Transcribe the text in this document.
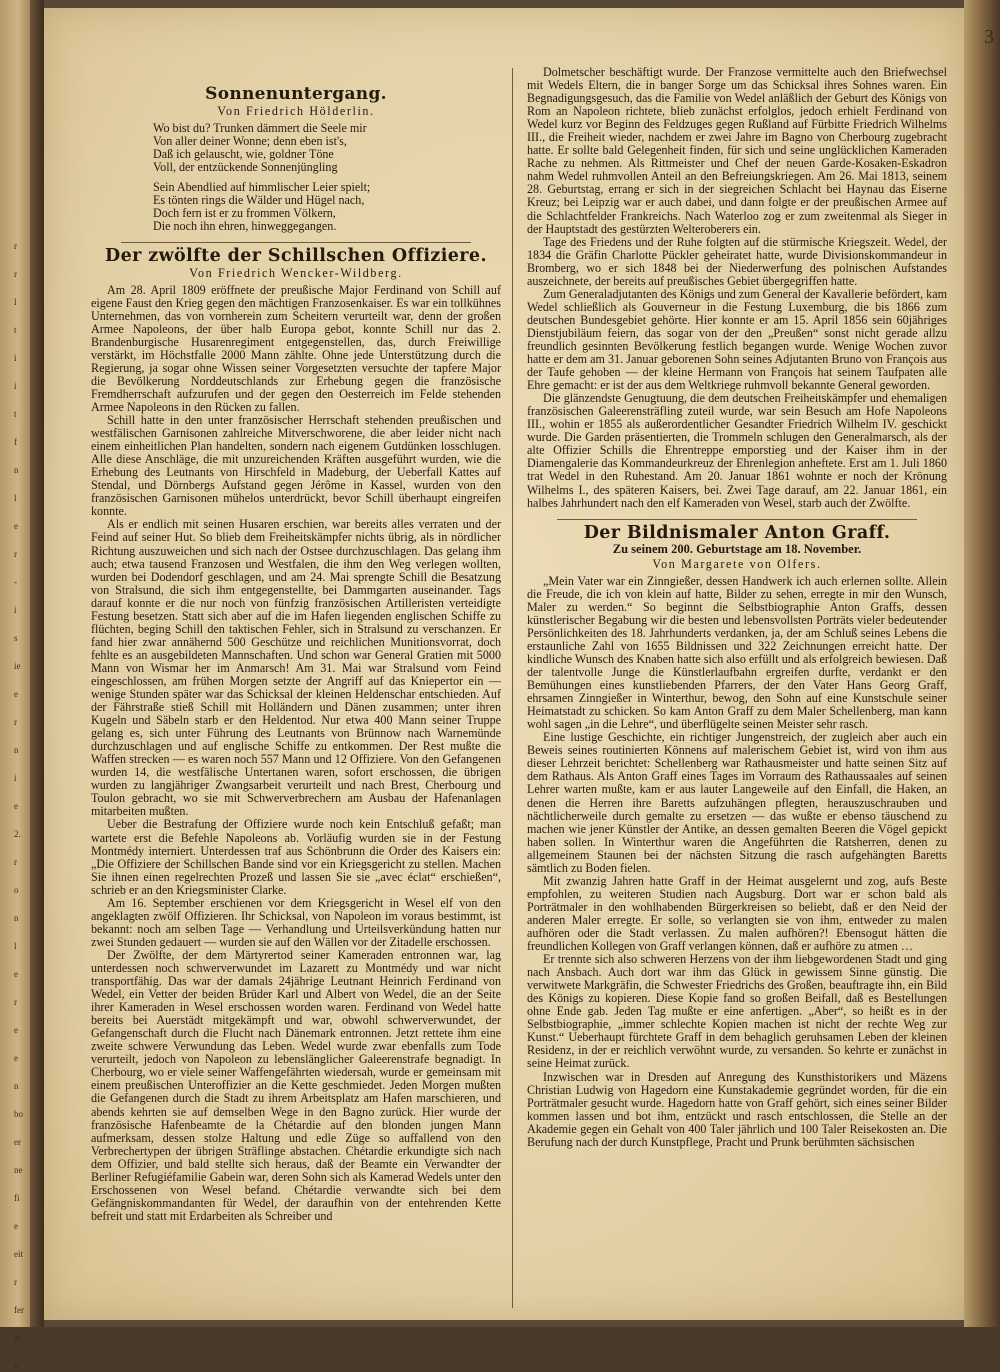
r
r
l
t
i
i
t
f
n
l
e
r
-
i
s
ie
e
r
n
i
e
2.
r
o
n
l
e
r
e
e
n
bo
er
ne
fi
e
eit
r
fer
m
k.
Sonnenuntergang.
Von Friedrich Hölderlin.
Wo bist du? Trunken dämmert die Seele mir
Von aller deiner Wonne; denn eben ist's,
Daß ich gelauscht, wie, goldner Töne
Voll, der entzückende Sonnenjüngling
Sein Abendlied auf himmlischer Leier spielt;
Es tönten rings die Wälder und Hügel nach,
Doch fern ist er zu frommen Völkern,
Die noch ihn ehren, hinweggegangen.
Der zwölfte der Schillschen Offiziere.
Von Friedrich Wencker-Wildberg.

Am 28. April 1809 eröffnete der preußische Major Ferdinand von Schill auf eigene Faust den Krieg gegen den mächtigen Franzosenkaiser. Es war ein tollkühnes Unternehmen, das von vornherein zum Scheitern verurteilt war, denn der großen Armee Napoleons, der über halb Europa gebot, konnte Schill nur das 2. Brandenburgische Husarenregiment entgegenstellen, das, durch Freiwillige verstärkt, im Höchstfalle 2000 Mann zählte. Ohne jede Unterstützung durch die Regierung, ja sogar ohne Wissen seiner Vorgesetzten versuchte der tapfere Major die Bevölkerung Norddeutschlands zur Erhebung gegen die französische Fremdherrschaft aufzurufen und der gegen den Oesterreich im Felde stehenden Armee Napoleons in den Rücken zu fallen.

Schill hatte in den unter französischer Herrschaft stehenden preußischen und westfälischen Garnisonen zahlreiche Mitverschworene, die aber leider nicht nach einem einheitlichen Plan handelten, sondern nach eigenem Gutdünken losschlugen. Alle diese Anschläge, die mit unzureichenden Kräften ausgeführt wurden, wie die Erhebung des Leutnants von Hirschfeld in Madeburg, der Ueberfall Kattes auf Stendal, und Dörnbergs Aufstand gegen Jérôme in Kassel, wurden von den französischen Garnisonen mühelos unterdrückt, bevor Schill überhaupt eingreifen konnte.

Als er endlich mit seinen Husaren erschien, war bereits alles verraten und der Feind auf seiner Hut. So blieb dem Freiheitskämpfer nichts übrig, als in nördlicher Richtung auszuweichen und sich nach der Ostsee durchzuschlagen. Das gelang ihm auch; etwa tausend Franzosen und Westfalen, die ihm den Weg verlegen wollten, wurden bei Dodendorf geschlagen, und am 24. Mai sprengte Schill die Besatzung von Stralsund, die sich ihm entgegenstellte, bei Dammgarten auseinander. Tags darauf konnte er die nur noch von fünfzig französischen Artilleristen verteidigte Festung besetzen. Statt sich aber auf die im Hafen liegenden englischen Schiffe zu flüchten, beging Schill den taktischen Fehler, sich in Stralsund zu verschanzen. Er fand hier zwar annähernd 500 Geschütze und reichlichen Munitionsvorrat, doch fehlte es an ausgebildeten Mannschaften. Und schon war General Gratien mit 5000 Mann von Wismar her im Anmarsch! Am 31. Mai war Stralsund vom Feind eingeschlossen, am frühen Morgen setzte der Angriff auf das Kniepertor ein — wenige Stunden später war das Schicksal der kleinen Heldenschar entschieden. Auf der Fährstraße stieß Schill mit Holländern und Dänen zusammen; unter ihren Kugeln und Säbeln starb er den Heldentod. Nur etwa 400 Mann seiner Truppe gelang es, sich unter Führung des Leutnants von Brünnow nach Warnemünde durchzuschlagen und auf englische Schiffe zu entkommen. Der Rest mußte die Waffen strecken — es waren noch 557 Mann und 12 Offiziere. Von den Gefangenen wurden 14, die westfälische Untertanen waren, sofort erschossen, die übrigen wurden zu langjähriger Zwangsarbeit verurteilt und nach Brest, Cherbourg und Toulon gebracht, wo sie mit Schwerverbrechern am Ausbau der Hafenanlagen mitarbeiten mußten.

Ueber die Bestrafung der Offiziere wurde noch kein Entschluß gefaßt; man wartete erst die Befehle Napoleons ab. Vorläufig wurden sie in der Festung Montmédy interniert. Unterdessen traf aus Schönbrunn die Order des Kaisers ein: „Die Offiziere der Schillschen Bande sind vor ein Kriegsgericht zu stellen. Machen Sie ihnen einen regelrechten Prozeß und lassen Sie sie „avec éclat“ erschießen“, schrieb er an den Kriegsminister Clarke.

Am 16. September erschienen vor dem Kriegsgericht in Wesel elf von den angeklagten zwölf Offizieren. Ihr Schicksal, von Napoleon im voraus bestimmt, ist bekannt: noch am selben Tage — Verhandlung und Urteilsverkündung hatten nur zwei Stunden gedauert — wurden sie auf den Wällen vor der Zitadelle erschossen.

Der Zwölfte, der dem Märtyrertod seiner Kameraden entronnen war, lag unterdessen noch schwerverwundet im Lazarett zu Montmédy und war nicht transportfähig. Das war der damals 24jährige Leutnant Heinrich Ferdinand von Wedel, ein Vetter der beiden Brüder Karl und Albert von Wedel, die an der Seite ihrer Kameraden in Wesel erschossen worden waren. Ferdinand von Wedel hatte bereits bei Auerstädt mitgekämpft und war, obwohl schwerverwundet, der Gefangenschaft durch die Flucht nach Dänemark entronnen. Jetzt rettete ihm eine zweite schwere Verwundung das Leben. Wedel wurde zwar ebenfalls zum Tode verurteilt, jedoch von Napoleon zu lebenslänglicher Galeerenstrafe begnadigt. In Cherbourg, wo er viele seiner Waffengefährten wiedersah, wurde er gemeinsam mit einem preußischen Unteroffizier an die Kette geschmiedet. Jeden Morgen mußten die Gefangenen durch die Stadt zu ihrem Arbeitsplatz am Hafen marschieren, und abends kehrten sie auf demselben Wege in den Bagno zurück. Hier wurde der französische Hafenbeamte de la Chétardie auf den blonden jungen Mann aufmerksam, dessen stolze Haltung und edle Züge so auffallend von den Verbrechertypen der übrigen Sträflinge abstachen. Chétardie erkundigte sich nach dem Offizier, und bald stellte sich heraus, daß der Beamte ein Verwandter der Berliner Refugiéfamilie Gabein war, deren Sohn sich als Kamerad Wedels unter den Erschossenen von Wesel befand. Chétardie verwandte sich bei dem Gefängniskommandanten für Wedel, der daraufhin von der entehrenden Kette befreit und statt mit Erdarbeiten als Schreiber und

Dolmetscher beschäftigt wurde. Der Franzose vermittelte auch den Briefwechsel mit Wedels Eltern, die in banger Sorge um das Schicksal ihres Sohnes waren. Ein Begnadigungsgesuch, das die Familie von Wedel anläßlich der Geburt des Königs von Rom an Napoleon richtete, blieb zunächst erfolglos, jedoch erhielt Ferdinand von Wedel kurz vor Beginn des Feldzuges gegen Rußland auf Fürbitte Friedrich Wilhelms III., die Freiheit wieder, nachdem er zwei Jahre im Bagno von Cherbourg zugebracht hatte. Er sollte bald Gelegenheit finden, für sich und seine unglücklichen Kameraden Rache zu nehmen. Als Rittmeister und Chef der neuen Garde-Kosaken-Eskadron nahm Wedel ruhmvollen Anteil an den Befreiungskriegen. Am 26. Mai 1813, seinem 28. Geburtstag, errang er sich in der siegreichen Schlacht bei Haynau das Eiserne Kreuz; bei Leipzig war er auch dabei, und dann folgte er der preußischen Armee auf die Schlachtfelder Frankreichs. Nach Waterloo zog er zum zweitenmal als Sieger in der Hauptstadt des gestürzten Welteroberers ein.

Tage des Friedens und der Ruhe folgten auf die stürmische Kriegszeit. Wedel, der 1834 die Gräfin Charlotte Pückler geheiratet hatte, wurde Divisionskommandeur in Bromberg, wo er sich 1848 bei der Niederwerfung des polnischen Aufstandes auszeichnete, der bereits auf preußisches Gebiet übergegriffen hatte.

Zum Generaladjutanten des Königs und zum General der Kavallerie befördert, kam Wedel schließlich als Gouverneur in die Festung Luxemburg, die bis 1866 zum deutschen Bundesgebiet gehörte. Hier konnte er am 15. April 1856 sein 60jähriges Dienstjubiläum feiern, das sogar von der den „Preußen“ sonst nicht gerade allzu freundlich gesinnten Bevölkerung festlich begangen wurde. Wenige Wochen zuvor hatte er dem am 31. Januar geborenen Sohn seines Adjutanten Bruno von François aus der Taufe gehoben — der kleine Hermann von François hat seinem Taufpaten alle Ehre gemacht: er ist der aus dem Weltkriege ruhmvoll bekannte General geworden.

Die glänzendste Genugtuung, die dem deutschen Freiheitskämpfer und ehemaligen französischen Galeerensträfling zuteil wurde, war sein Besuch am Hofe Napoleons III., wohin er 1855 als außerordentlicher Gesandter Friedrich Wilhelm IV. geschickt wurde. Die Garden präsentierten, die Trommeln schlugen den Generalmarsch, als der alte Offizier Schills die Ehrentreppe emporstieg und der Kaiser ihm in der Diamengalerie das Kommandeurkreuz der Ehrenlegion anheftete. Erst am 1. Juli 1860 trat Wedel in den Ruhestand. Am 20. Januar 1861 wohnte er noch der Krönung Wilhelms I., des späteren Kaisers, bei. Zwei Tage darauf, am 22. Januar 1861, ein halbes Jahrhundert nach den elf Kameraden von Wesel, starb auch der Zwölfte.

Der Bildnismaler Anton Graff.
Zu seinem 200. Geburtstage am 18. November.
Von Margarete von Olfers.

„Mein Vater war ein Zinngießer, dessen Handwerk ich auch erlernen sollte. Allein die Freude, die ich von klein auf hatte, Bilder zu sehen, erregte in mir den Wunsch, Maler zu werden.“ So beginnt die Selbstbiographie Anton Graffs, dessen künstlerischer Begabung wir die besten und lebensvollsten Porträts vieler bedeutender Persönlichkeiten des 18. Jahrhunderts verdanken, ja, der am Schluß seines Lebens die erstaunliche Zahl von 1655 Bildnissen und 322 Zeichnungen erreicht hatte. Der kindliche Wunsch des Knaben hatte sich also erfüllt und als erfolgreich bewiesen. Daß der talentvolle Junge die Künstlerlaufbahn ergreifen durfte, verdankt er den Bemühungen eines kunstliebenden Pfarrers, der den Vater Hans Georg Graff, ehrsamen Zinngießer in Winterthur, bewog, den Sohn auf eine Kunstschule seiner Heimatstadt zu schicken. So kam Anton Graff zu dem Maler Schellenberg, man kann wohl sagen „in die Lehre“, und überflügelte seinen Meister sehr rasch.

Eine lustige Geschichte, ein richtiger Jungenstreich, der zugleich aber auch ein Beweis seines routinierten Könnens auf malerischem Gebiet ist, wird von ihm aus dieser Lehrzeit berichtet: Schellenberg war Rathausmeister und hatte seinen Sitz auf dem Rathaus. Als Anton Graff eines Tages im Vorraum des Rathaussaales auf seinen Lehrer warten mußte, kam er aus lauter Langeweile auf den Einfall, die Haken, an denen die Herren ihre Baretts aufzuhängen pflegten, herauszuschrauben und nächtlicherweile durch gemalte zu ersetzen — das wußte er ebenso täuschend zu machen wie jener Künstler der Antike, an dessen gemalten Beeren die Vögel gepickt haben sollen. In Winterthur waren die Angeführten die Ratsherren, denen zu allgemeinem Staunen bei der nächsten Sitzung die rasch aufgehängten Baretts sämtlich zu Boden fielen.

Mit zwanzig Jahren hatte Graff in der Heimat ausgelernt und zog, aufs Beste empfohlen, zu weiteren Studien nach Augsburg. Dort war er schon bald als Porträtmaler in den wohlhabenden Bürgerkreisen so beliebt, daß er den Neid der anderen Maler erregte. Er solle, so verlangten sie von ihm, entweder zu malen aufhören oder die Stadt verlassen. Zu malen aufhören?! Ebensogut hätten die freundlichen Kollegen von Graff verlangen können, daß er aufhöre zu atmen …

Er trennte sich also schweren Herzens von der ihm liebgewordenen Stadt und ging nach Ansbach. Auch dort war ihm das Glück in gewissem Sinne günstig. Die verwitwete Markgräfin, die Schwester Friedrichs des Großen, beauftragte ihn, ein Bild des Königs zu kopieren. Diese Kopie fand so großen Beifall, daß es Bestellungen ohne Ende gab. Jeden Tag mußte er eine anfertigen. „Aber“, so heißt es in der Selbstbiographie, „immer schlechte Kopien machen ist nicht der rechte Weg zur Kunst.“ Ueberhaupt fürchtete Graff in dem behaglich geruhsamen Leben der kleinen Residenz, in der er reichlich verwöhnt wurde, zu versanden. So kehrte er zunächst in seine Heimat zurück.

Inzwischen war in Dresden auf Anregung des Kunsthistorikers und Mäzens Christian Ludwig von Hagedorn eine Kunstakademie gegründet worden, für die ein Porträtmaler gesucht wurde. Hagedorn hatte von Graff gehört, sich eines seiner Bilder kommen lassen und bot ihm, entzückt und rasch entschlossen, die Stelle an der Akademie gegen ein Gehalt von 400 Taler jährlich und 100 Taler Reisekosten an. Die Berufung nach der durch Kunstpflege, Pracht und Prunk berühmten sächsischen

3
